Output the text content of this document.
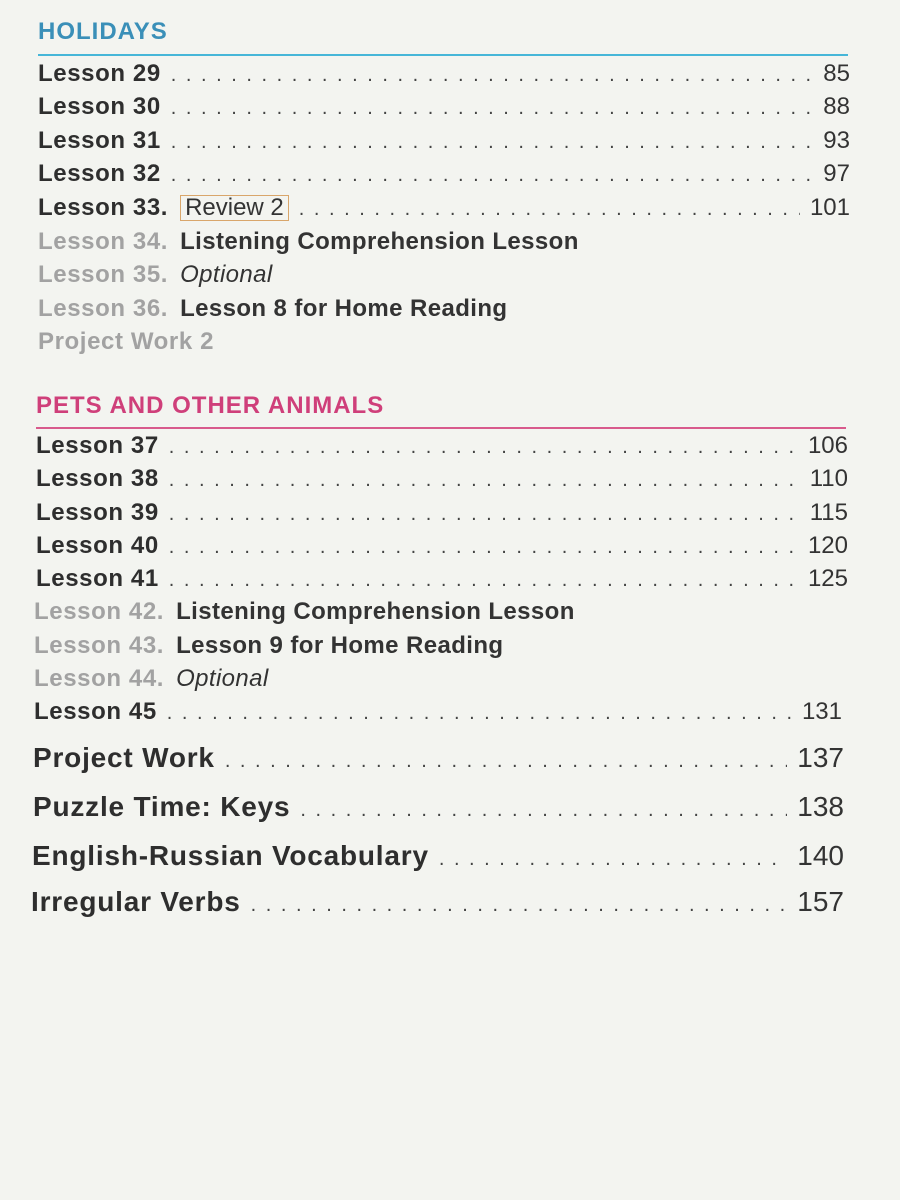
HOLIDAYS
Lesson 29 . . .	85
Lesson 30 . . .	88
Lesson 31 . . .	93
Lesson 32 . . .	97
Lesson 33. Review 2 . . .	101
Lesson 34. Listening Comprehension Lesson
Lesson 35. Optional
Lesson 36. Lesson 8 for Home Reading
Project Work 2
PETS AND OTHER ANIMALS
Lesson 37 . . .	106
Lesson 38 . . .	110
Lesson 39 . . .	115
Lesson 40 . . .	120
Lesson 41 . . .	125
Lesson 42. Listening Comprehension Lesson
Lesson 43. Lesson 9 for Home Reading
Lesson 44. Optional
Lesson 45 . . .	131
Project Work . . .	137
Puzzle Time: Keys . . .	138
English-Russian Vocabulary . . .	140
Irregular Verbs . . .	157
